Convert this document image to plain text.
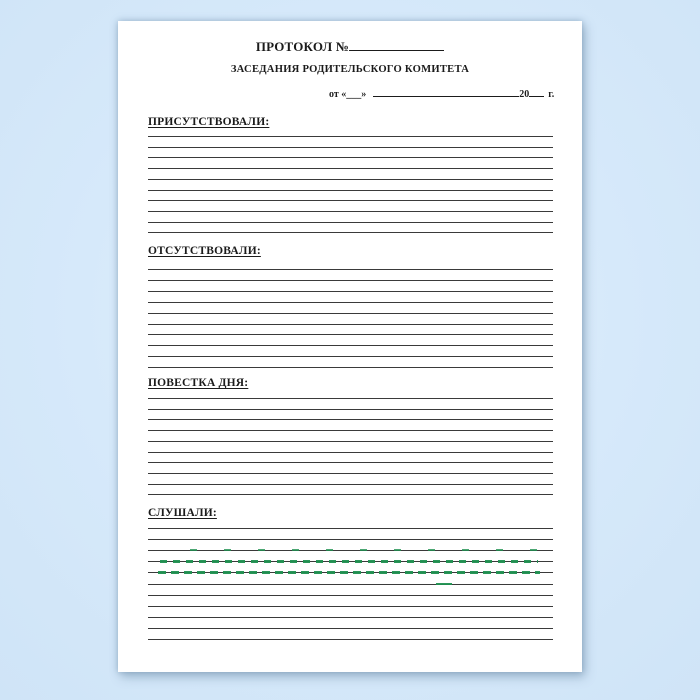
ПРОТОКОЛ №
ЗАСЕДАНИЯ РОДИТЕЛЬСКОГО КОМИТЕТА
от «___»	20 г.
ПРИСУТСТВОВАЛИ:
ОТСУТСТВОВАЛИ:
ПОВЕСТКА ДНЯ:
СЛУШАЛИ:
